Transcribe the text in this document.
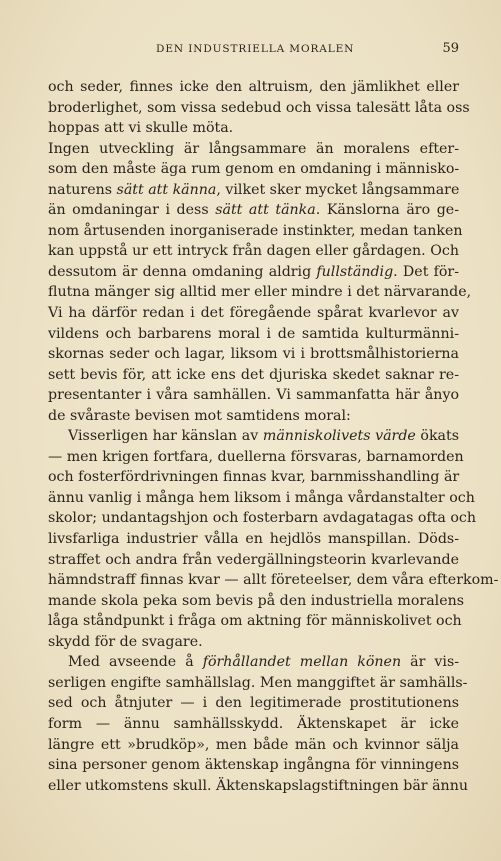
DEN INDUSTRIELLA MORALEN	59
och seder, finnes icke den altruism, den jämlikhet eller
broderlighet, som vissa sedebud och vissa talesätt låta oss
hoppas att vi skulle möta.
Ingen utveckling är långsammare än moralens efter-
som den måste äga rum genom en omdaning i människo-
naturens sätt att känna, vilket sker mycket långsammare
än omdaningar i dess sätt att tänka. Känslorna äro ge-
nom årtusenden inorganiserade instinkter, medan tanken
kan uppstå ur ett intryck från dagen eller gårdagen. Och
dessutom är denna omdaning aldrig fullständig. Det för-
flutna mänger sig alltid mer eller mindre i det närvarande,
Vi ha därför redan i det föregående spårat kvarlevor av
vildens och barbarens moral i de samtida kulturmänni-
skornas seder och lagar, liksom vi i brottsmålhistorierna
sett bevis för, att icke ens det djuriska skedet saknar re-
presentanter i våra samhällen. Vi sammanfatta här ånyo
de svåraste bevisen mot samtidens moral:
Visserligen har känslan av människolivets värde ökats
— men krigen fortfara, duellerna försvaras, barnamorden
och fosterfördrivningen finnas kvar, barnmisshandling är
ännu vanlig i många hem liksom i många vårdanstalter och
skolor; undantagshjon och fosterbarn avdagatagas ofta och
livsfarliga industrier vålla en hejdlös manspillan. Döds-
straffet och andra från vedergällningsteorin kvarlevande
hämndstraff finnas kvar — allt företeelser, dem våra efterkom-
mande skola peka som bevis på den industriella moralens
låga ståndpunkt i fråga om aktning för människolivet och
skydd för de svagare.
Med avseende å förhållandet mellan könen är vis-
serligen engifte samhällslag. Men manggiftet är samhälls-
sed och åtnjuter — i den legitimerade prostitutionens
form — ännu samhällsskydd. Äktenskapet är icke
längre ett »brudköp», men både män och kvinnor sälja
sina personer genom äktenskap ingångna för vinningens
eller utkomstens skull. Äktenskapslagstiftningen bär ännu
